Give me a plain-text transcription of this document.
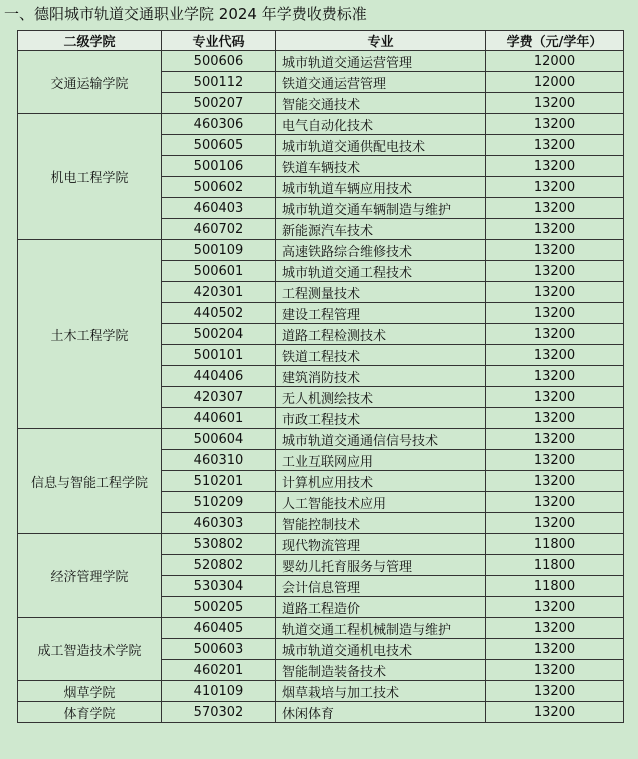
一、德阳城市轨道交通职业学院 2024 年学费收费标准
二级学院	专业代码	专业	学费（元/学年）
交通运输学院	500606	城市轨道交通运营管理	12000
	500112	铁道交通运营管理	12000
	500207	智能交通技术	13200
机电工程学院	460306	电气自动化技术	13200
	500605	城市轨道交通供配电技术	13200
	500106	铁道车辆技术	13200
	500602	城市轨道车辆应用技术	13200
	460403	城市轨道交通车辆制造与维护	13200
	460702	新能源汽车技术	13200
土木工程学院	500109	高速铁路综合维修技术	13200
	500601	城市轨道交通工程技术	13200
	420301	工程测量技术	13200
	440502	建设工程管理	13200
	500204	道路工程检测技术	13200
	500101	铁道工程技术	13200
	440406	建筑消防技术	13200
	420307	无人机测绘技术	13200
	440601	市政工程技术	13200
信息与智能工程学院	500604	城市轨道交通通信信号技术	13200
	460310	工业互联网应用	13200
	510201	计算机应用技术	13200
	510209	人工智能技术应用	13200
	460303	智能控制技术	13200
经济管理学院	530802	现代物流管理	11800
	520802	婴幼儿托育服务与管理	11800
	530304	会计信息管理	11800
	500205	道路工程造价	13200
成工智造技术学院	460405	轨道交通工程机械制造与维护	13200
	500603	城市轨道交通机电技术	13200
	460201	智能制造装备技术	13200
烟草学院	410109	烟草栽培与加工技术	13200
体育学院	570302	休闲体育	13200
